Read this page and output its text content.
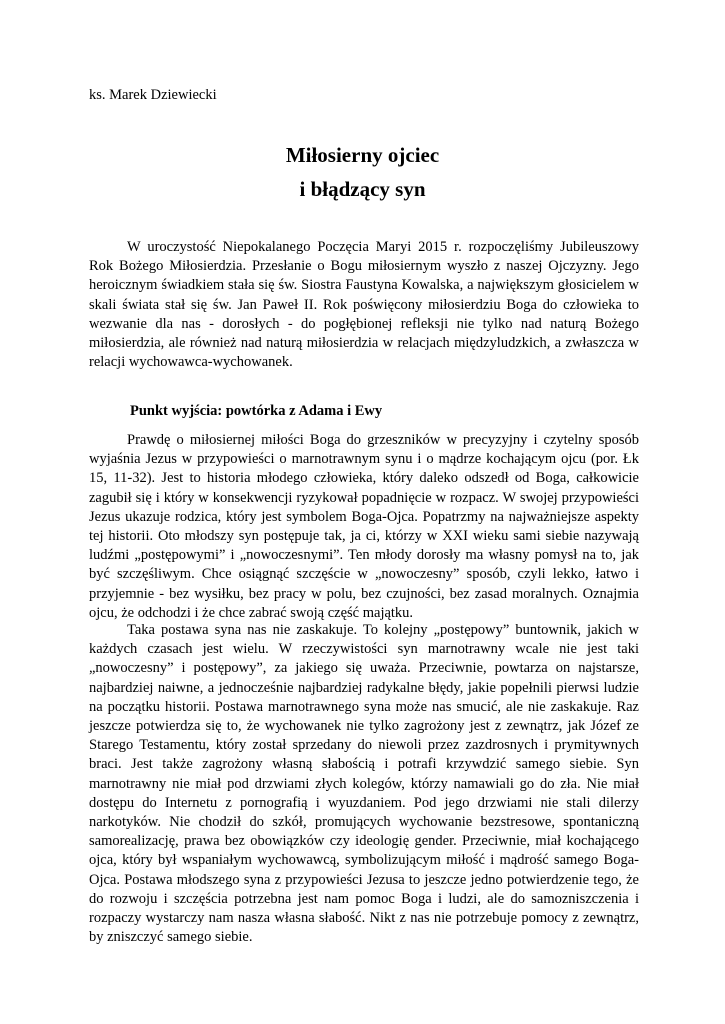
ks. Marek Dziewiecki
Miłosierny ojciec
i błądzący syn

W uroczystość Niepokalanego Poczęcia Maryi 2015 r. rozpoczęliśmy Jubileuszowy Rok Bożego Miłosierdzia. Przesłanie o Bogu miłosiernym wyszło z naszej Ojczyzny. Jego heroicznym świadkiem stała się św. Siostra Faustyna Kowalska, a największym głosicielem w skali świata stał się św. Jan Paweł II. Rok poświęcony miłosierdziu Boga do człowieka to wezwanie dla nas - dorosłych - do pogłębionej refleksji nie tylko nad naturą Bożego miłosierdzia, ale również nad naturą miłosierdzia w relacjach międzyludzkich, a zwłaszcza w relacji wychowawca-wychowanek.

Punkt wyjścia: powtórka z Adama i Ewy

Prawdę o miłosiernej miłości Boga do grzeszników w precyzyjny i czytelny sposób wyjaśnia Jezus w przypowieści o marnotrawnym synu i o mądrze kochającym ojcu (por. Łk 15, 11-32). Jest to historia młodego człowieka, który daleko odszedł od Boga, całkowicie zagubił się i który w konsekwencji ryzykował popadnięcie w rozpacz. W swojej przypowieści Jezus ukazuje rodzica, który jest symbolem Boga-Ojca. Popatrzmy na najważniejsze aspekty tej historii. Oto młodszy syn postępuje tak, ja ci, którzy w XXI wieku sami siebie nazywają ludźmi „postępowymi” i „nowoczesnymi”. Ten młody dorosły ma własny pomysł na to, jak być szczęśliwym. Chce osiągnąć szczęście w „nowoczesny” sposób, czyli lekko, łatwo i przyjemnie - bez wysiłku, bez pracy w polu, bez czujności, bez zasad moralnych. Oznajmia ojcu, że odchodzi i że chce zabrać swoją część majątku.

Taka postawa syna nas nie zaskakuje. To kolejny „postępowy” buntownik, jakich w każdych czasach jest wielu. W rzeczywistości syn marnotrawny wcale nie jest taki „nowoczesny” i postępowy”, za jakiego się uważa. Przeciwnie, powtarza on najstarsze, najbardziej naiwne, a jednocześnie najbardziej radykalne błędy, jakie popełnili pierwsi ludzie na początku historii. Postawa marnotrawnego syna może nas smucić, ale nie zaskakuje. Raz jeszcze potwierdza się to, że wychowanek nie tylko zagrożony jest z zewnątrz, jak Józef ze Starego Testamentu, który został sprzedany do niewoli przez zazdrosnych i prymitywnych braci. Jest także zagrożony własną słabością i potrafi krzywdzić samego siebie. Syn marnotrawny nie miał pod drzwiami złych kolegów, którzy namawiali go do zła. Nie miał dostępu do Internetu z pornografią i wyuzdaniem. Pod jego drzwiami nie stali dilerzy narkotyków. Nie chodził do szkół, promujących wychowanie bezstresowe, spontaniczną samorealizację, prawa bez obowiązków czy ideologię gender. Przeciwnie, miał kochającego ojca, który był wspaniałym wychowawcą, symbolizującym miłość i mądrość samego Boga-Ojca. Postawa młodszego syna z przypowieści Jezusa to jeszcze jedno potwierdzenie tego, że do rozwoju i szczęścia potrzebna jest nam pomoc Boga i ludzi, ale do samozniszczenia i rozpaczy wystarczy nam nasza własna słabość. Nikt z nas nie potrzebuje pomocy z zewnątrz, by zniszczyć samego siebie.
